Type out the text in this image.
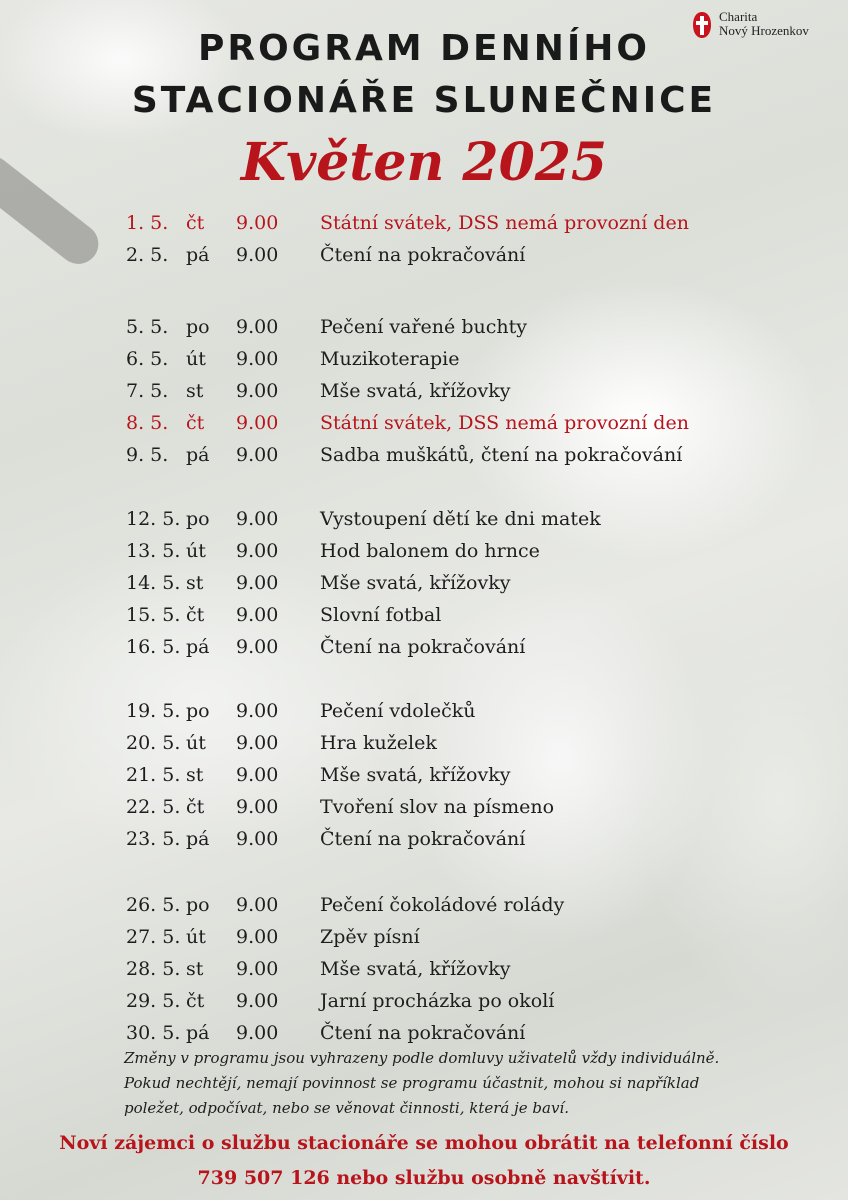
Charita
Nový Hrozenkov
PROGRAM DENNÍHO
STACIONÁŘE SLUNEČNICE
Květen 2025
1. 5. čt 9.00 Státní svátek, DSS nemá provozní den
2. 5. pá 9.00 Čtení na pokračování
5. 5. po 9.00 Pečení vařené buchty
6. 5. út 9.00 Muzikoterapie
7. 5. st 9.00 Mše svatá, křížovky
8. 5. čt 9.00 Státní svátek, DSS nemá provozní den
9. 5. pá 9.00 Sadba muškátů, čtení na pokračování
12. 5. po 9.00 Vystoupení dětí ke dni matek
13. 5. út 9.00 Hod balonem do hrnce
14. 5. st 9.00 Mše svatá, křížovky
15. 5. čt 9.00 Slovní fotbal
16. 5. pá 9.00 Čtení na pokračování
19. 5. po 9.00 Pečení vdolečků
20. 5. út 9.00 Hra kuželek
21. 5. st 9.00 Mše svatá, křížovky
22. 5. čt 9.00 Tvoření slov na písmeno
23. 5. pá 9.00 Čtení na pokračování
26. 5. po 9.00 Pečení čokoládové rolády
27. 5. út 9.00 Zpěv písní
28. 5. st 9.00 Mše svatá, křížovky
29. 5. čt 9.00 Jarní procházka po okolí
30. 5. pá 9.00 Čtení na pokračování

Změny v programu jsou vyhrazeny podle domluvy uživatelů vždy individuálně.

Pokud nechtějí, nemají povinnost se programu účastnit, mohou si například

poležet, odpočívat, nebo se věnovat činnosti, která je baví.

Noví zájemci o službu stacionáře se mohou obrátit na telefonní číslo

739 507 126 nebo službu osobně navštívit.
